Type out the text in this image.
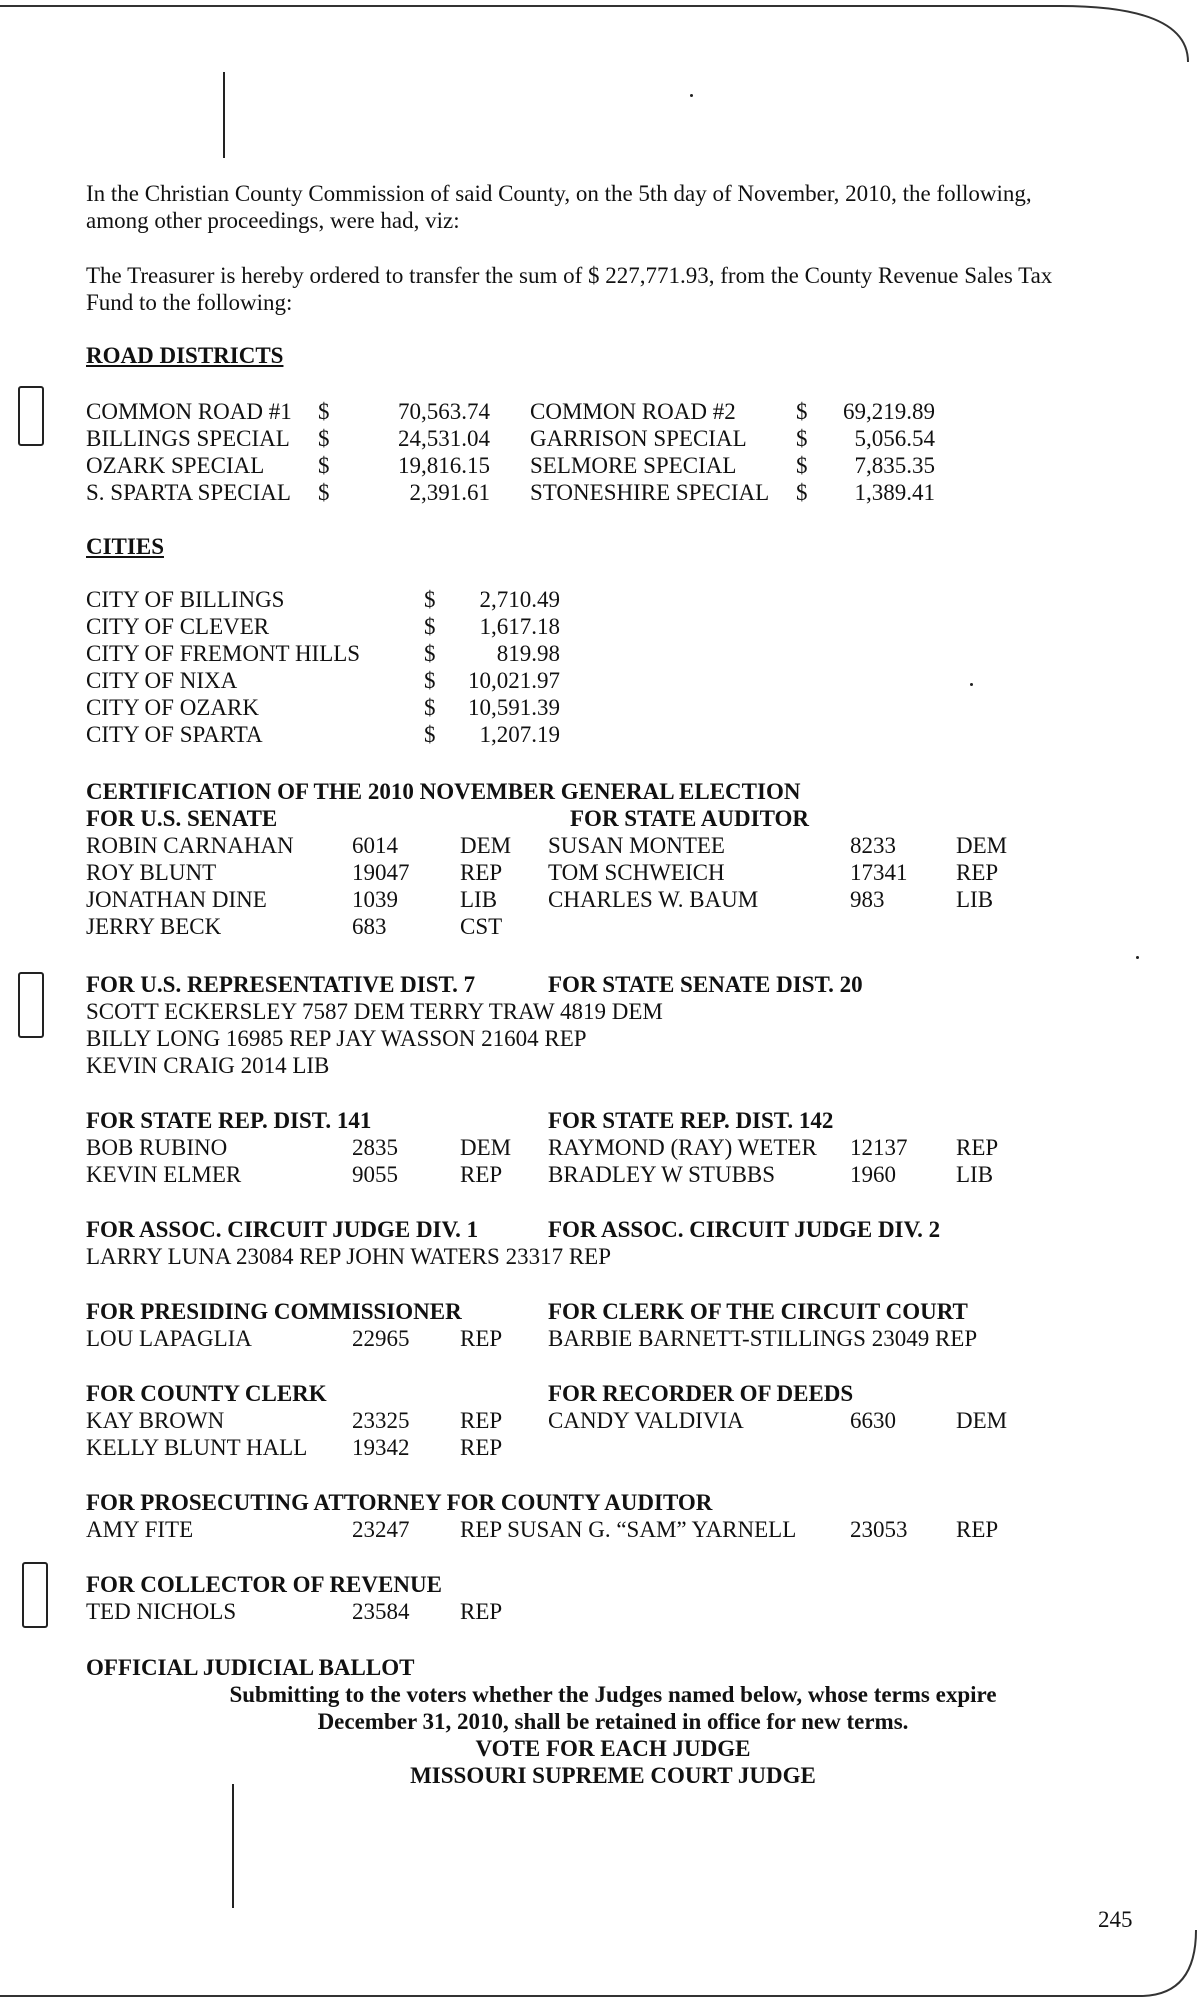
In the Christian County Commission of said County, on the 5th day of November, 2010, the following,
among other proceedings, were had, viz:
The Treasurer is hereby ordered to transfer the sum of $ 227,771.93, from the County Revenue Sales Tax
Fund to the following:
ROAD DISTRICTS
COMMON ROAD #1 $	70,563.74 COMMON ROAD #2	$	69,219.89
BILLINGS SPECIAL $	24,531.04 GARRISON SPECIAL $	5,056.54
OZARK SPECIAL $	19,816.15 SELMORE SPECIAL	$	7,835.35
S. SPARTA SPECIAL $	2,391.61 STONESHIRE SPECIAL $	1,389.41
CITIES
CITY OF BILLINGS	$	2,710.49
CITY OF CLEVER	$	1,617.18
CITY OF FREMONT HILLS	$	819.98
CITY OF NIXA	$	10,021.97
CITY OF OZARK	$	10,591.39
CITY OF SPARTA	$	1,207.19
CERTIFICATION OF THE 2010 NOVEMBER GENERAL ELECTION
FOR U.S. SENATE	FOR STATE AUDITOR
ROBIN CARNAHAN	6014	DEM
ROY BLUNT	19047 REP
JONATHAN DINE	1039	LIB
JERRY BECK	683	CST
SUSAN MONTEE	8233	DEM
TOM SCHWEICH	17341 REP
CHARLES W. BAUM	983	LIB
FOR U.S. REPRESENTATIVE DIST. 7	FOR STATE SENATE DIST. 20
SCOTT ECKERSLEY 7587 DEM TERRY TRAW 4819 DEM
BILLY LONG 16985 REP JAY WASSON 21604 REP
KEVIN CRAIG 2014 LIB
FOR STATE REP. DIST. 141	FOR STATE REP. DIST. 142
BOB RUBINO	2835	DEM
KEVIN ELMER	9055	REP
RAYMOND (RAY) WETER 12137 REP
BRADLEY W STUBBS	1960	LIB
FOR ASSOC. CIRCUIT JUDGE DIV. 1	FOR ASSOC. CIRCUIT JUDGE DIV. 2
LARRY LUNA 23084 REP JOHN WATERS 23317 REP
FOR PRESIDING COMMISSIONER	FOR CLERK OF THE CIRCUIT COURT
LOU LAPAGLIA	22965 REP BARBIE BARNETT-STILLINGS 23049 REP
FOR COUNTY CLERK	FOR RECORDER OF DEEDS
KAY BROWN	23325 REP
KELLY BLUNT HALL 19342 REP
CANDY VALDIVIA	6630	DEM
FOR PROSECUTING ATTORNEY FOR COUNTY AUDITOR
AMY FITE	23247 REP SUSAN G. “SAM” YARNELL 23053 REP
FOR COLLECTOR OF REVENUE
TED NICHOLS	23584 REP
OFFICIAL JUDICIAL BALLOT
Submitting to the voters whether the Judges named below, whose terms expire
December 31, 2010, shall be retained in office for new terms.
VOTE FOR EACH JUDGE
MISSOURI SUPREME COURT JUDGE
245
